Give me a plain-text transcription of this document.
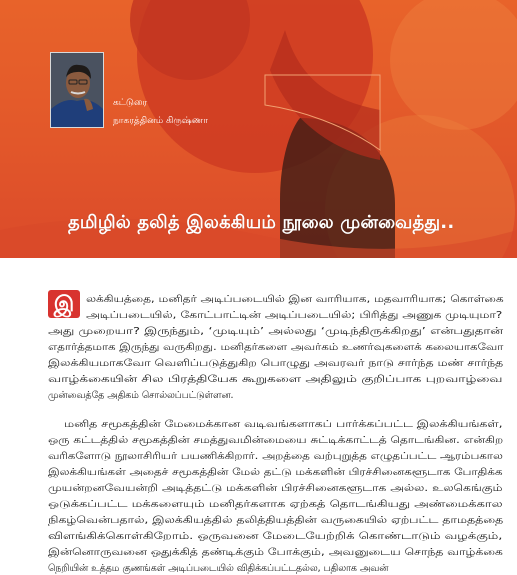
கட்டுரை
நாகரத்தினம் கிருஷ்ணா
தமிழில் தலித் இலக்கியம் நூலை முன்வைத்து..
இ	லக்கியத்தை, மனிதர் அடிப்படையில் இன வாரியாக, மதவாரியாக; கொள்கை
அடிப்படையில், கோட்பாட்டின் அடிப்படையில்; பிரித்து அணுக முடியுமா?
அது முறையா? இருந்தும், ‘முடியும்’ அல்லது ‘முடிந்திருக்கிறது’ என்பதுதான்
எதார்த்தமாக இருந்து வருகிறது. மனிதர்களை அவர்கம் உணர்வுகளைக் கலையாகவோ
இலக்கியமாகவோ வெளிப்படுத்துகிற பொழுது அவரவர் நாடு சார்ந்த மண் சார்ந்த
வாழ்க்கையின் சில பிரத்தியேக கூறுகளை அதிலும் குறிப்பாக புறவாழ்வை
முன்வைத்தே அதிகம் சொல்லப்பட்டுள்ளன.
மனித சமூகத்தின் மேமைக்கான வடிவங்களாகப் பார்க்கப்பட்ட இலக்கியங்கள்,
ஒரு கட்டத்தில் சமூகத்தின் சமத்துவமின்மையை சுட்டிக்காட்டத் தொடங்கின. என்கிற
வரிகளோடு நூலாசிரியர் பயணிக்கிறார். அறத்தை வற்புறுத்த எழுதப்பட்ட ஆரம்பகால
இலக்கியங்கள் அதைச் சமூகத்தின் மேல் தட்டு மக்களின் பிரச்சினைகளூடாக போதிக்க
முயன்றனவேயன்றி அடித்தட்டு மக்களின் பிரச்சினைகளூடாக அல்ல. உலகெங்கும்
ஒடுக்கப்பட்ட மக்களையும் மனிதர்களாக ஏற்கத் தொடங்கியது அண்மைக்கால
நிகழ்வென்பதால், இலக்கியத்தில் தலித்தியத்தின் வருகையில் ஏற்பட்ட தாமதத்தை
விளங்கிக்கொள்கிறோம். ஒருவனை மேடையேற்றிக் கொண்டாடும் வழக்கும்,
இன்னொருவனை ஒதுக்கித் தண்டிக்கும் போக்கும், அவனுடைய சொந்த வாழ்க்கை
நெறியின் உத்தம குணங்கள் அடிப்படையில் விதிக்கப்பட்டதல்ல, பதிலாக அவன்
